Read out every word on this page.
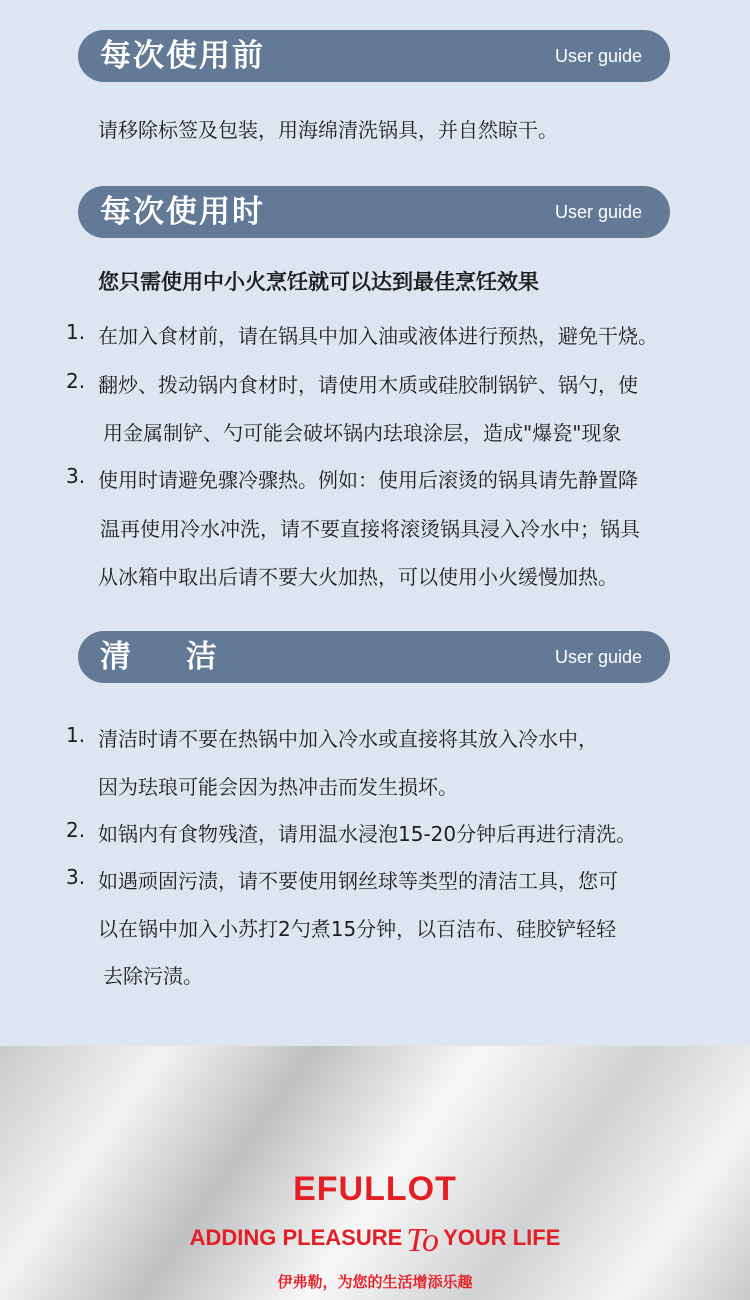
每次使用前	User guide
请移除标签及包装，用海绵清洗锅具，并自然晾干。
每次使用时	User guide
您只需使用中小火烹饪就可以达到最佳烹饪效果
1. 在加入食材前，请在锅具中加入油或液体进行预热，避免干烧。
2. 翻炒、拨动锅内食材时，请使用木质或硅胶制锅铲、锅勺，使
用金属制铲、勺可能会破坏锅内珐琅涂层，造成"爆瓷"现象
3. 使用时请避免骤冷骤热。例如：使用后滚烫的锅具请先静置降
温再使用冷水冲洗，请不要直接将滚烫锅具浸入冷水中；锅具
从冰箱中取出后请不要大火加热，可以使用小火缓慢加热。
清 洁	User guide
1. 清洁时请不要在热锅中加入冷水或直接将其放入冷水中，
因为珐琅可能会因为热冲击而发生损坏。
2. 如锅内有食物残渣，请用温水浸泡15-20分钟后再进行清洗。
3. 如遇顽固污渍，请不要使用钢丝球等类型的清洁工具，您可
以在锅中加入小苏打2勺煮15分钟，以百洁布、硅胶铲轻轻
去除污渍。
EFULLOT
ADDING PLEASURE To YOUR LIFE
伊弗勒，为您的生活增添乐趣
